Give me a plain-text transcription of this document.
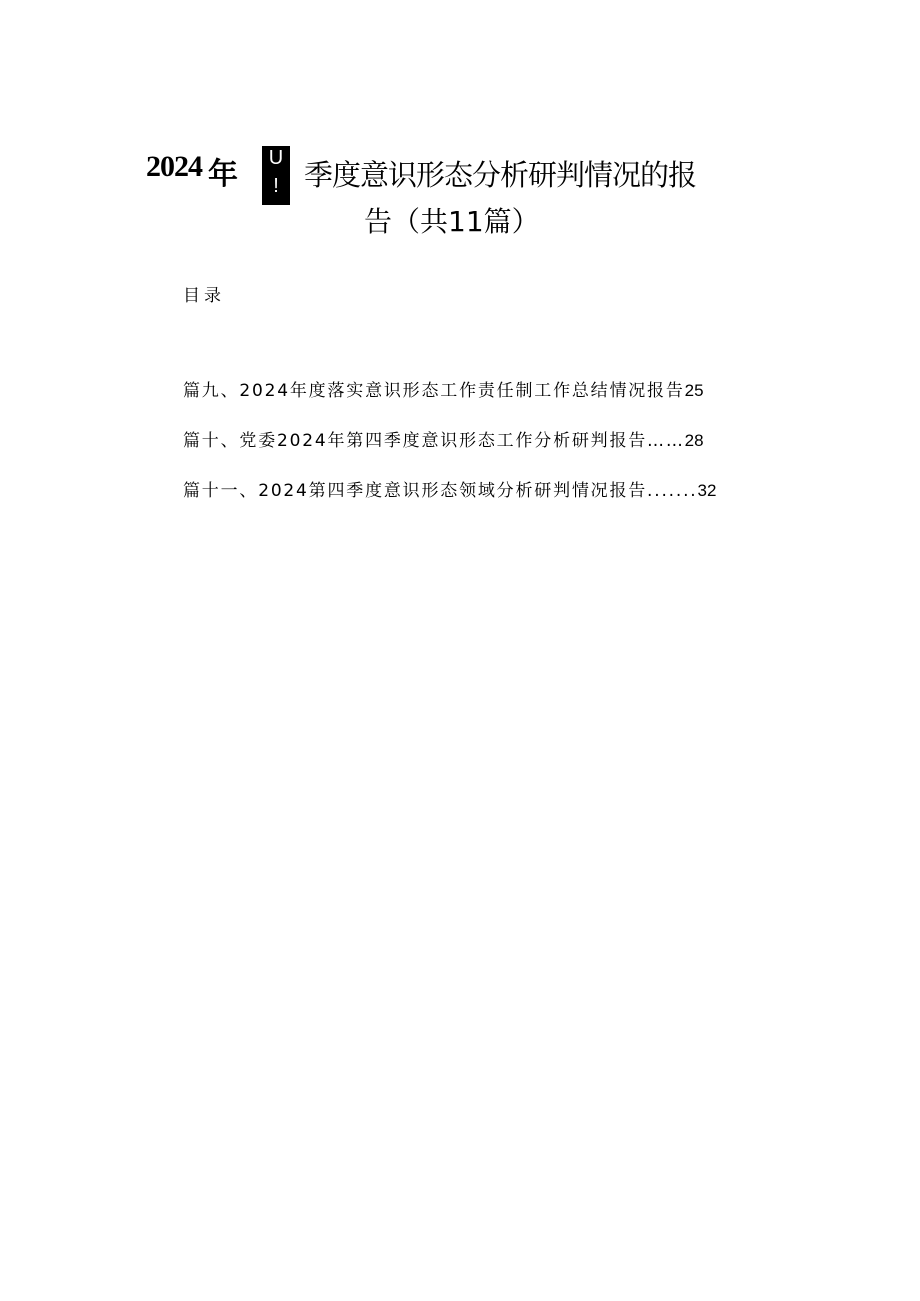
2024 年	U
! 季度意识形态分析研判情况的报
告（共11篇）
目录
篇九、2024年度落实意识形态工作责任制工作总结情况报告25
篇十、党委2024年第四季度意识形态工作分析研判报告……28
篇十一、2024第四季度意识形态领域分析研判情况报告.......32
